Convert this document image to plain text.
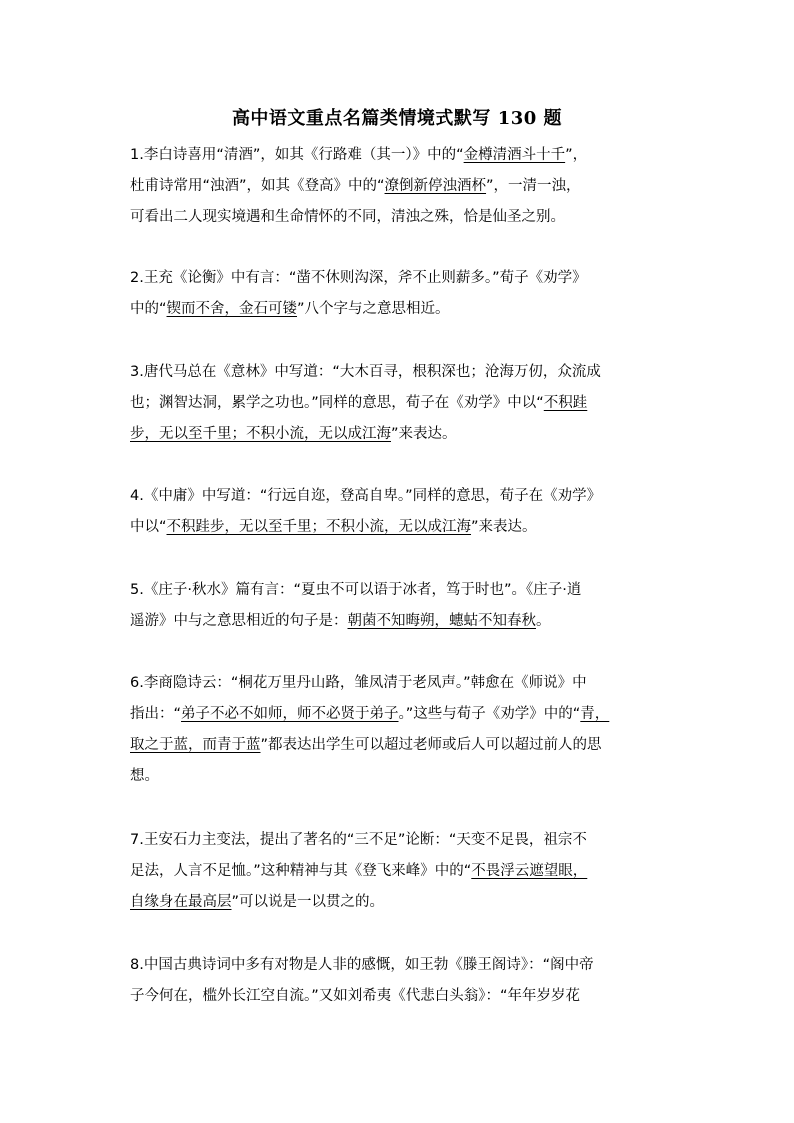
高中语文重点名篇类情境式默写 130 题
1.李白诗喜用“清酒”，如其《行路难（其一）》中的“金樽清酒斗十千”，
杜甫诗常用“浊酒”，如其《登高》中的“潦倒新停浊酒杯”，一清一浊，
可看出二人现实境遇和生命情怀的不同，清浊之殊，恰是仙圣之别。
2.王充《论衡》中有言：“凿不休则沟深，斧不止则薪多。”荀子《劝学》
中的“锲而不舍，金石可镂”八个字与之意思相近。
3.唐代马总在《意林》中写道：“大木百寻，根积深也；沧海万仞，众流成
也；渊智达洞，累学之功也。”同样的意思，荀子在《劝学》中以“不积跬
步，无以至千里；不积小流，无以成江海”来表达。
4.《中庸》中写道：“行远自迩，登高自卑。”同样的意思，荀子在《劝学》
中以“不积跬步，无以至千里；不积小流，无以成江海”来表达。
5.《庄子·秋水》篇有言：“夏虫不可以语于冰者，笃于时也”。《庄子·逍
遥游》中与之意思相近的句子是：朝菌不知晦朔，蟪蛄不知春秋。
6.李商隐诗云：“桐花万里丹山路，雏凤清于老凤声。”韩愈在《师说》中
指出：“弟子不必不如师，师不必贤于弟子。”这些与荀子《劝学》中的“青，
取之于蓝，而青于蓝”都表达出学生可以超过老师或后人可以超过前人的思
想。
7.王安石力主变法，提出了著名的“三不足”论断：“天变不足畏，祖宗不
足法，人言不足恤。”这种精神与其《登飞来峰》中的“不畏浮云遮望眼，
自缘身在最高层”可以说是一以贯之的。
8.中国古典诗词中多有对物是人非的感慨，如王勃《滕王阁诗》：“阁中帝
子今何在，槛外长江空自流。”又如刘希夷《代悲白头翁》：“年年岁岁花
